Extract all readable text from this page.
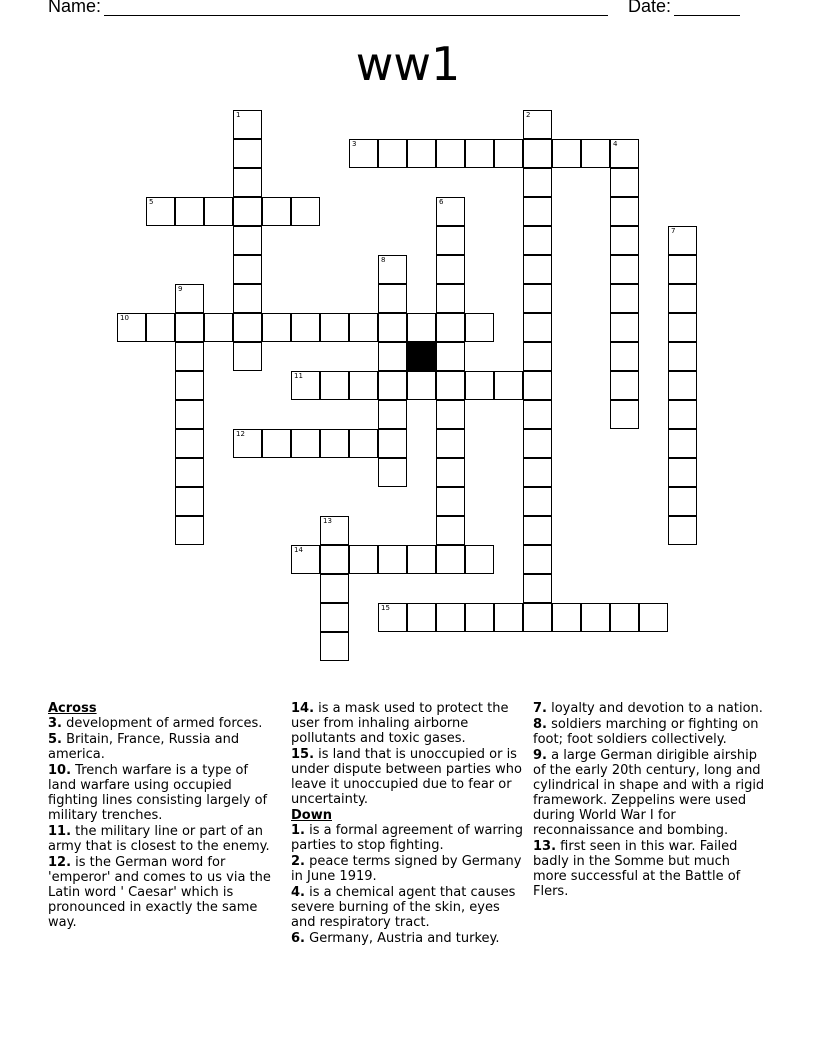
Name:	Date:
ww1
1	2
3	4
5	6
7
8
9
10
11
12
13
14
15
Across
3. development of armed forces.
5. Britain, France, Russia and america.
10. Trench warfare is a type of land warfare using occupied fighting lines consisting largely of military trenches.
11. the military line or part of an army that is closest to the enemy.
12. is the German word for 'emperor' and comes to us via the Latin word ' Caesar' which is pronounced in exactly the same way.
14. is a mask used to protect the user from inhaling airborne pollutants and toxic gases.
15. is land that is unoccupied or is under dispute between parties who leave it unoccupied due to fear or uncertainty.
Down
1. is a formal agreement of warring parties to stop fighting.
2. peace terms signed by Germany in June 1919.
4. is a chemical agent that causes severe burning of the skin, eyes and respiratory tract.
6. Germany, Austria and turkey.
7. loyalty and devotion to a nation.
8. soldiers marching or fighting on foot; foot soldiers collectively.
9. a large German dirigible airship of the early 20th century, long and cylindrical in shape and with a rigid framework. Zeppelins were used during World War I for reconnaissance and bombing.
13. first seen in this war. Failed badly in the Somme but much more successful at the Battle of Flers.
